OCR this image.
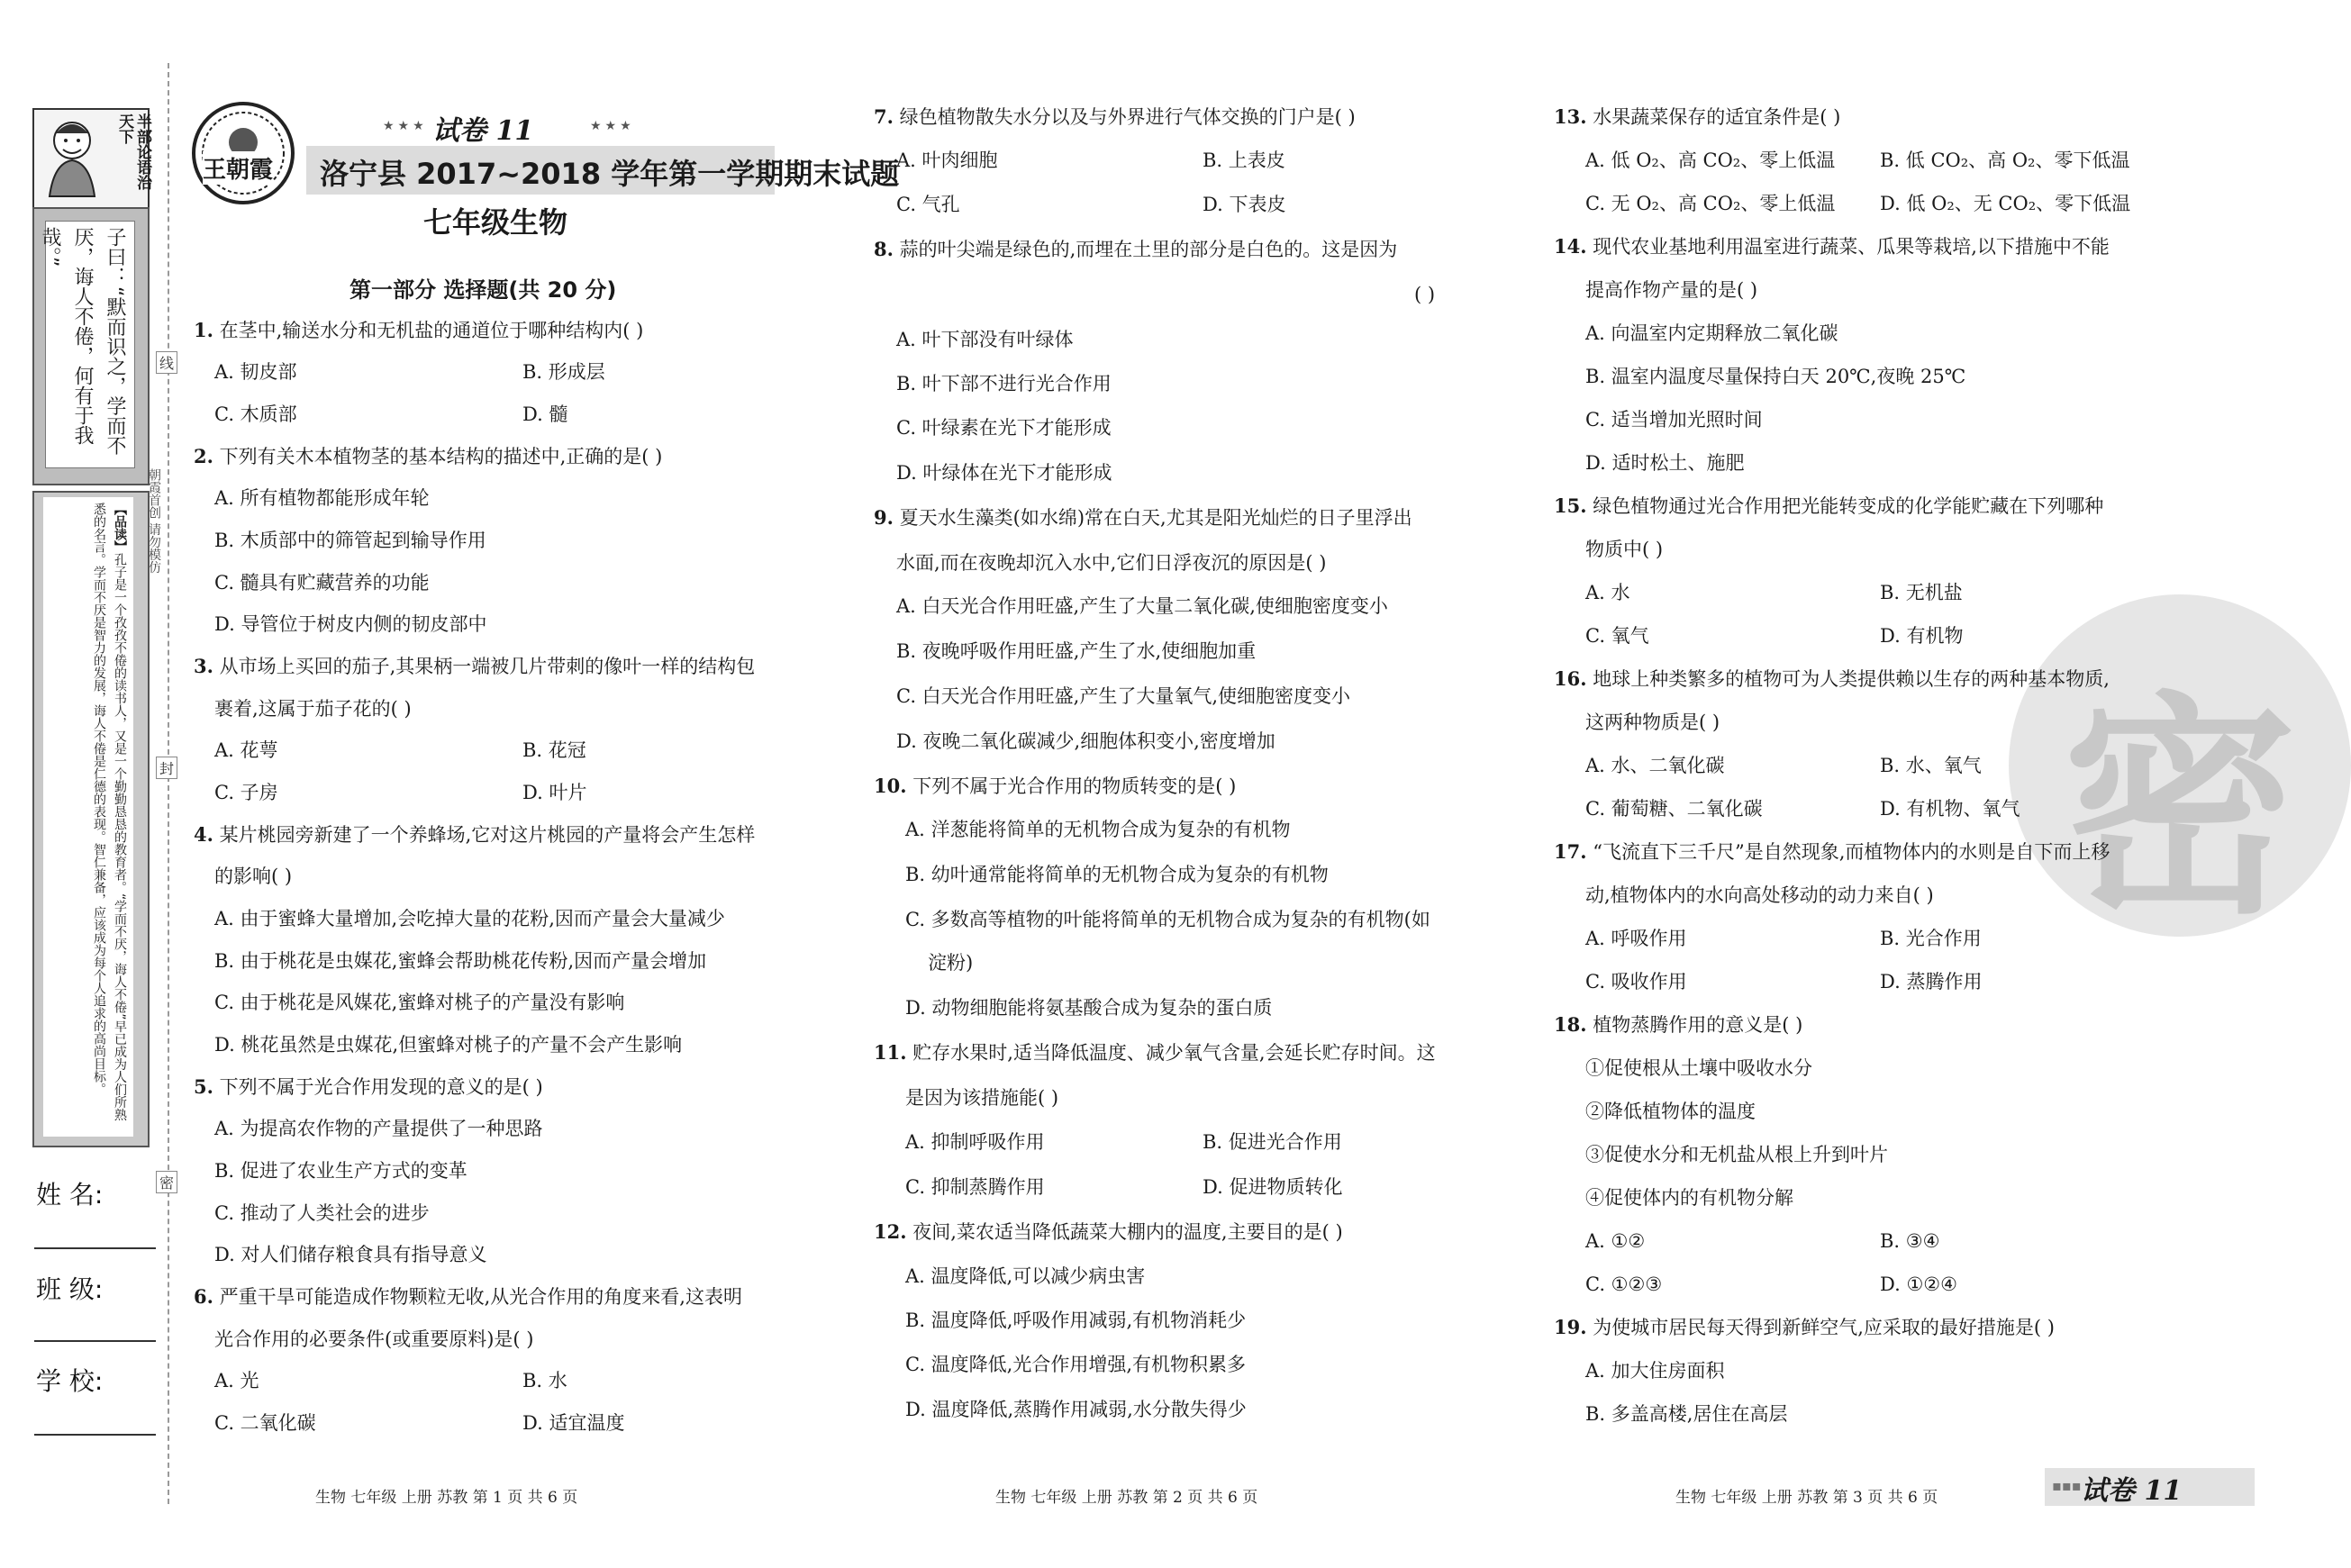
半部论语治天下
子曰：“默而识之，学而不 厌，诲人不倦，何有于我哉。”
【品读】孔子是一个孜孜不倦的读书人，又是一个勤勤恳恳的教育者。“学而不厌，诲人不倦”早已成为人们所熟悉的名言。学而不厌是智力的发展，诲人不倦是仁德的表现。智仁兼备，应该成为每个人追求的高尚目标。
线
封
密
朝霞首创 请勿模仿
姓 名:
班 级:
学 校:
王朝霞
★★★ 试卷 11	★★★
洛宁县 2017~2018 学年第一学期期末试题
七年级生物
第一部分 选择题(共 20 分)
1. 在茎中,输送水分和无机盐的通道位于哪种结构内( )
A. 韧皮部	B. 形成层
C. 木质部	D. 髓
2. 下列有关木本植物茎的基本结构的描述中,正确的是( )
A. 所有植物都能形成年轮
B. 木质部中的筛管起到输导作用
C. 髓具有贮藏营养的功能
D. 导管位于树皮内侧的韧皮部中
3. 从市场上买回的茄子,其果柄一端被几片带刺的像叶一样的结构包
裹着,这属于茄子花的( )
A. 花萼	B. 花冠
C. 子房	D. 叶片
4. 某片桃园旁新建了一个养蜂场,它对这片桃园的产量将会产生怎样
的影响( )
A. 由于蜜蜂大量增加,会吃掉大量的花粉,因而产量会大量减少
B. 由于桃花是虫媒花,蜜蜂会帮助桃花传粉,因而产量会增加
C. 由于桃花是风媒花,蜜蜂对桃子的产量没有影响
D. 桃花虽然是虫媒花,但蜜蜂对桃子的产量不会产生影响
5. 下列不属于光合作用发现的意义的是( )
A. 为提高农作物的产量提供了一种思路
B. 促进了农业生产方式的变革
C. 推动了人类社会的进步
D. 对人们储存粮食具有指导意义
6. 严重干旱可能造成作物颗粒无收,从光合作用的角度来看,这表明
光合作用的必要条件(或重要原料)是( )
A. 光	B. 水
C. 二氧化碳	D. 适宜温度
生物 七年级 上册 苏教 第 1 页 共 6 页
7. 绿色植物散失水分以及与外界进行气体交换的门户是( )
A. 叶肉细胞	B. 上表皮
C. 气孔	D. 下表皮
8. 蒜的叶尖端是绿色的,而埋在土里的部分是白色的。这是因为
( )
A. 叶下部没有叶绿体
B. 叶下部不进行光合作用
C. 叶绿素在光下才能形成
D. 叶绿体在光下才能形成
9. 夏天水生藻类(如水绵)常在白天,尤其是阳光灿烂的日子里浮出
水面,而在夜晚却沉入水中,它们日浮夜沉的原因是( )
A. 白天光合作用旺盛,产生了大量二氧化碳,使细胞密度变小
B. 夜晚呼吸作用旺盛,产生了水,使细胞加重
C. 白天光合作用旺盛,产生了大量氧气,使细胞密度变小
D. 夜晚二氧化碳减少,细胞体积变小,密度增加
10. 下列不属于光合作用的物质转变的是( )
A. 洋葱能将简单的无机物合成为复杂的有机物
B. 幼叶通常能将简单的无机物合成为复杂的有机物
C. 多数高等植物的叶能将简单的无机物合成为复杂的有机物(如
淀粉)
D. 动物细胞能将氨基酸合成为复杂的蛋白质
11. 贮存水果时,适当降低温度、减少氧气含量,会延长贮存时间。这
是因为该措施能( )
A. 抑制呼吸作用	B. 促进光合作用
C. 抑制蒸腾作用	D. 促进物质转化
12. 夜间,菜农适当降低蔬菜大棚内的温度,主要目的是( )
A. 温度降低,可以减少病虫害
B. 温度降低,呼吸作用减弱,有机物消耗少
C. 温度降低,光合作用增强,有机物积累多
D. 温度降低,蒸腾作用减弱,水分散失得少
生物 七年级 上册 苏教 第 2 页 共 6 页
密
13. 水果蔬菜保存的适宜条件是( )
A. 低 O₂、高 CO₂、零上低温 B. 低 CO₂、高 O₂、零下低温
C. 无 O₂、高 CO₂、零上低温 D. 低 O₂、无 CO₂、零下低温
14. 现代农业基地利用温室进行蔬菜、瓜果等栽培,以下措施中不能
提高作物产量的是( )
A. 向温室内定期释放二氧化碳
B. 温室内温度尽量保持白天 20℃,夜晚 25℃
C. 适当增加光照时间
D. 适时松土、施肥
15. 绿色植物通过光合作用把光能转变成的化学能贮藏在下列哪种
物质中( )
A. 水	B. 无机盐
C. 氧气	D. 有机物
16. 地球上种类繁多的植物可为人类提供赖以生存的两种基本物质,
这两种物质是( )
A. 水、二氧化碳	B. 水、氧气
C. 葡萄糖、二氧化碳	D. 有机物、氧气
17. “飞流直下三千尺”是自然现象,而植物体内的水则是自下而上移
动,植物体内的水向高处移动的动力来自( )
A. 呼吸作用	B. 光合作用
C. 吸收作用	D. 蒸腾作用
18. 植物蒸腾作用的意义是( )
①促使根从土壤中吸收水分
②降低植物体的温度
③促使水分和无机盐从根上升到叶片
④促使体内的有机物分解
A. ①②	B. ③④
C. ①②③	D. ①②④
19. 为使城市居民每天得到新鲜空气,应采取的最好措施是( )
A. 加大住房面积
B. 多盖高楼,居住在高层
生物 七年级 上册 苏教 第 3 页 共 6 页
▪▪▪ 试卷 11
